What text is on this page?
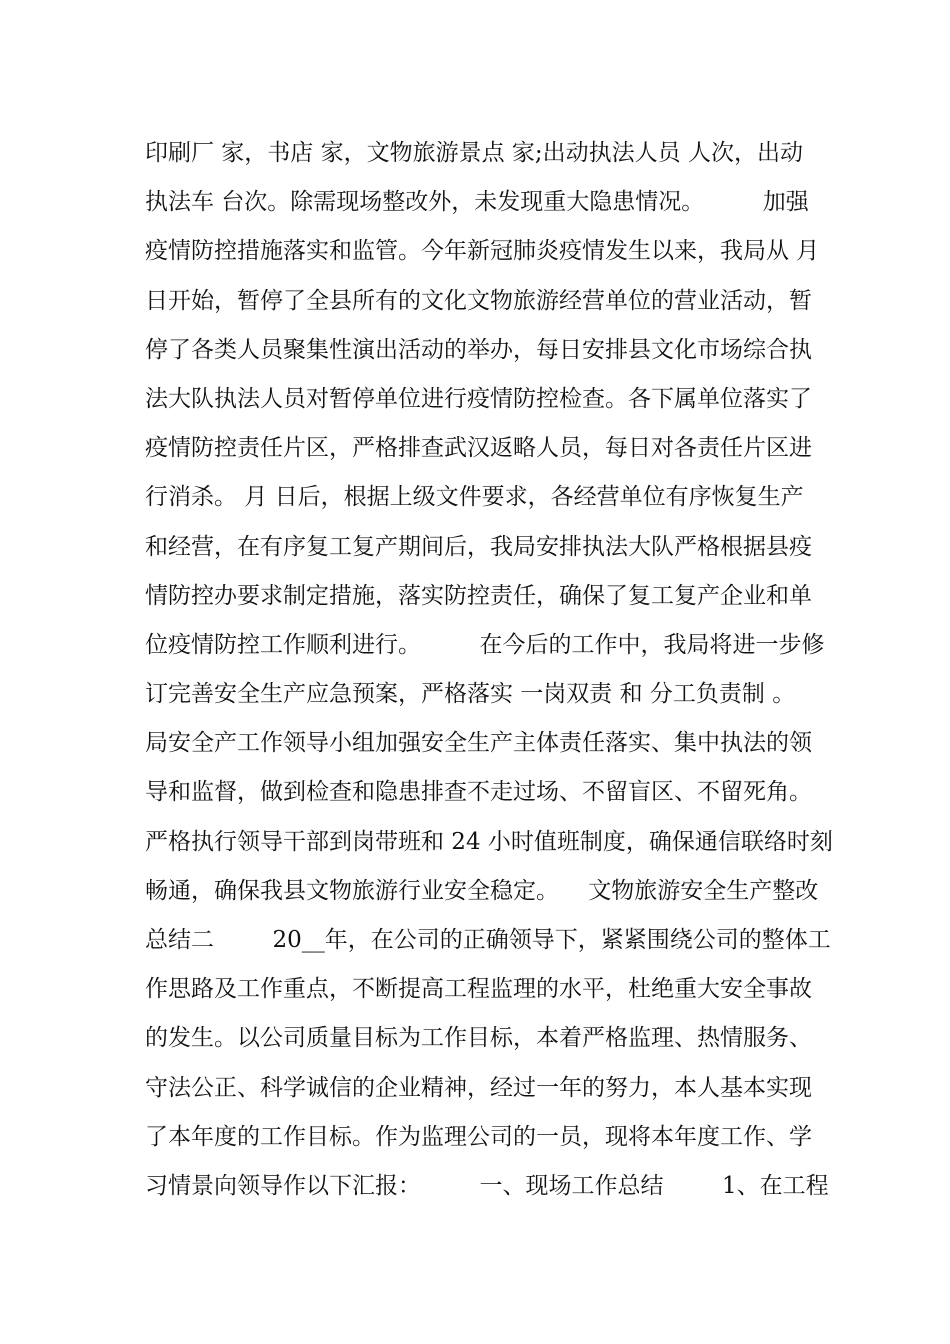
印刷厂 家，书店 家，文物旅游景点 家;出动执法人员 人次，出动
执法车 台次。除需现场整改外，未发现重大隐患情况。        加强
疫情防控措施落实和监管。今年新冠肺炎疫情发生以来，我局从 月
日开始，暂停了全县所有的文化文物旅游经营单位的营业活动，暂
停了各类人员聚集性演出活动的举办，每日安排县文化市场综合执
法大队执法人员对暂停单位进行疫情防控检查。各下属单位落实了
疫情防控责任片区，严格排查武汉返略人员，每日对各责任片区进
行消杀。 月 日后，根据上级文件要求，各经营单位有序恢复生产
和经营，在有序复工复产期间后，我局安排执法大队严格根据县疫
情防控办要求制定措施，落实防控责任，确保了复工复产企业和单
位疫情防控工作顺利进行。        在今后的工作中，我局将进一步修
订完善安全生产应急预案，严格落实 一岗双责 和 分工负责制 。
局安全产工作领导小组加强安全生产主体责任落实、集中执法的领
导和监督，做到检查和隐患排查不走过场、不留盲区、不留死角。
严格执行领导干部到岗带班和 24 小时值班制度，确保通信联络时刻
畅通，确保我县文物旅游行业安全稳定。    文物旅游安全生产整改
总结二        20__年，在公司的正确领导下，紧紧围绕公司的整体工
作思路及工作重点，不断提高工程监理的水平，杜绝重大安全事故
的发生。以公司质量目标为工作目标，本着严格监理、热情服务、
守法公正、科学诚信的企业精神，经过一年的努力，本人基本实现
了本年度的工作目标。作为监理公司的一员，现将本年度工作、学
习情景向领导作以下汇报：        一、现场工作总结        1、在工程
